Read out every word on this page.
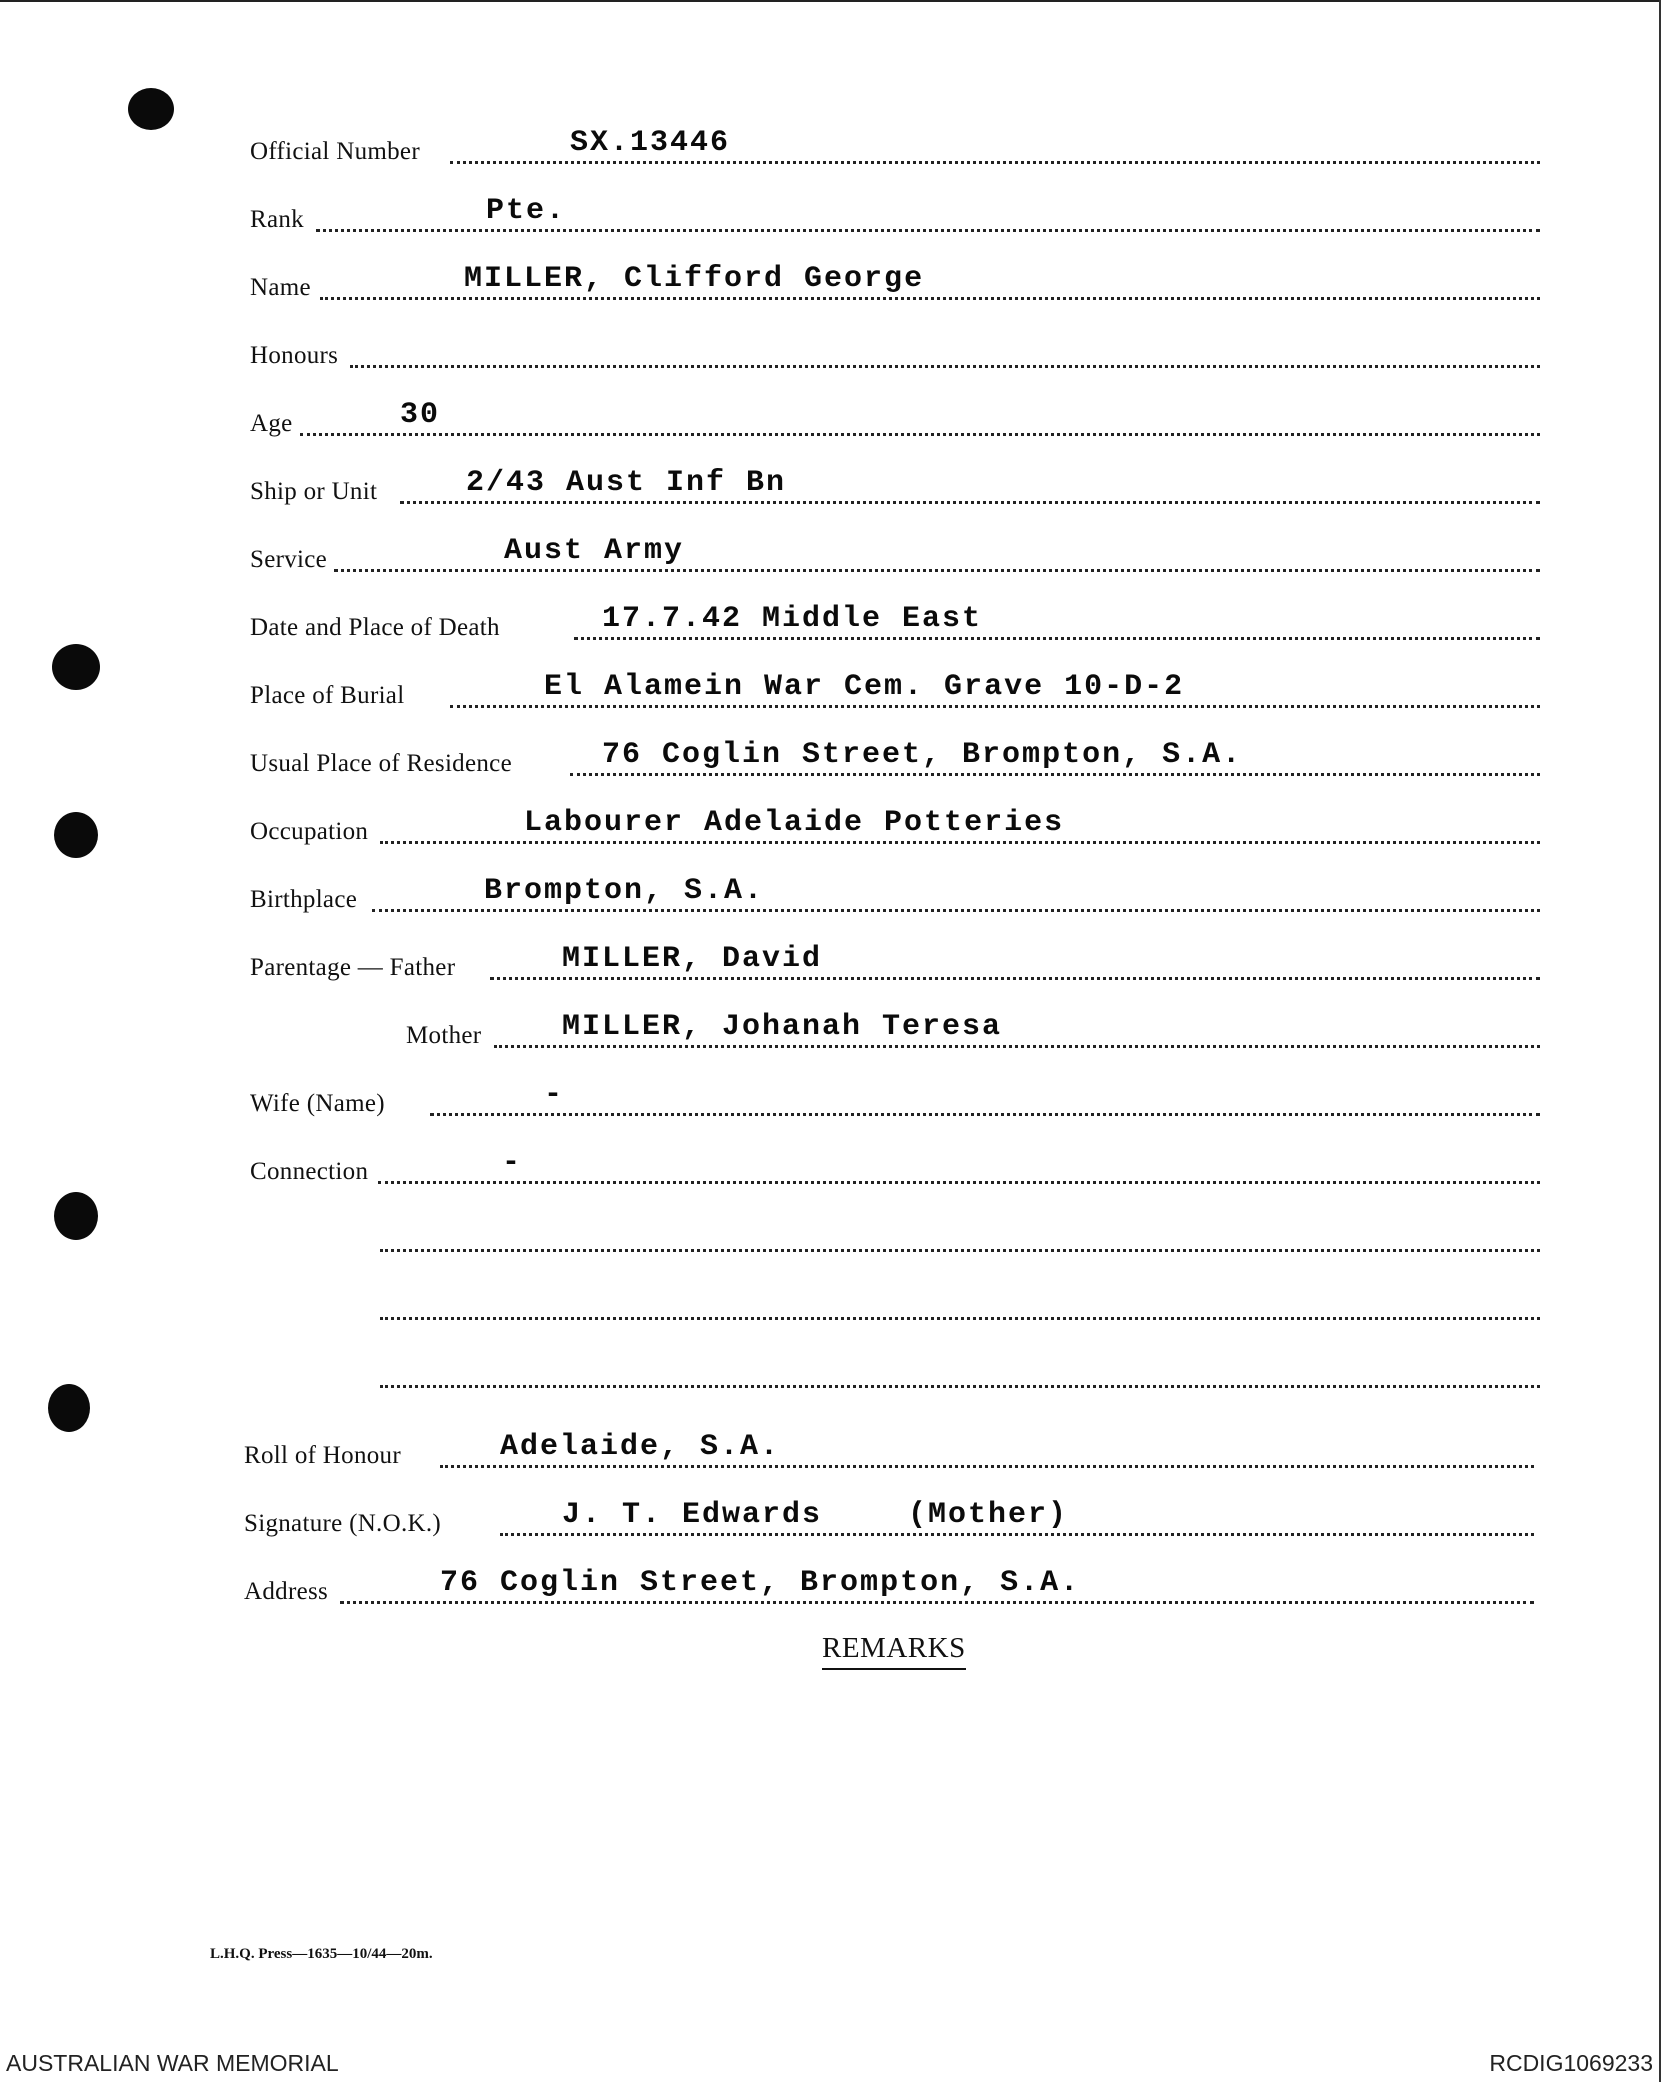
Official Number	SX.13446
Rank	Pte.
Name	MILLER, Clifford George
Honours
Age	30
Ship or Unit	2/43 Aust Inf Bn
Service	Aust Army
Date and Place of Death	17.7.42 Middle East
Place of Burial	El Alamein War Cem. Grave 10-D-2
Usual Place of Residence	76 Coglin Street, Brompton, S.A.
Occupation	Labourer Adelaide Potteries
Birthplace	Brompton, S.A.
Parentage — Father	MILLER, David
Mother	MILLER, Johanah Teresa
Wife (Name)	-
Connection	-
Roll of Honour	Adelaide, S.A.
Signature (N.O.K.)	J. T. Edwards	(Mother)
Address	76 Coglin Street, Brompton, S.A.
REMARKS
L.H.Q. Press—1635—10/44—20m.
AUSTRALIAN WAR MEMORIAL	RCDIG1069233
